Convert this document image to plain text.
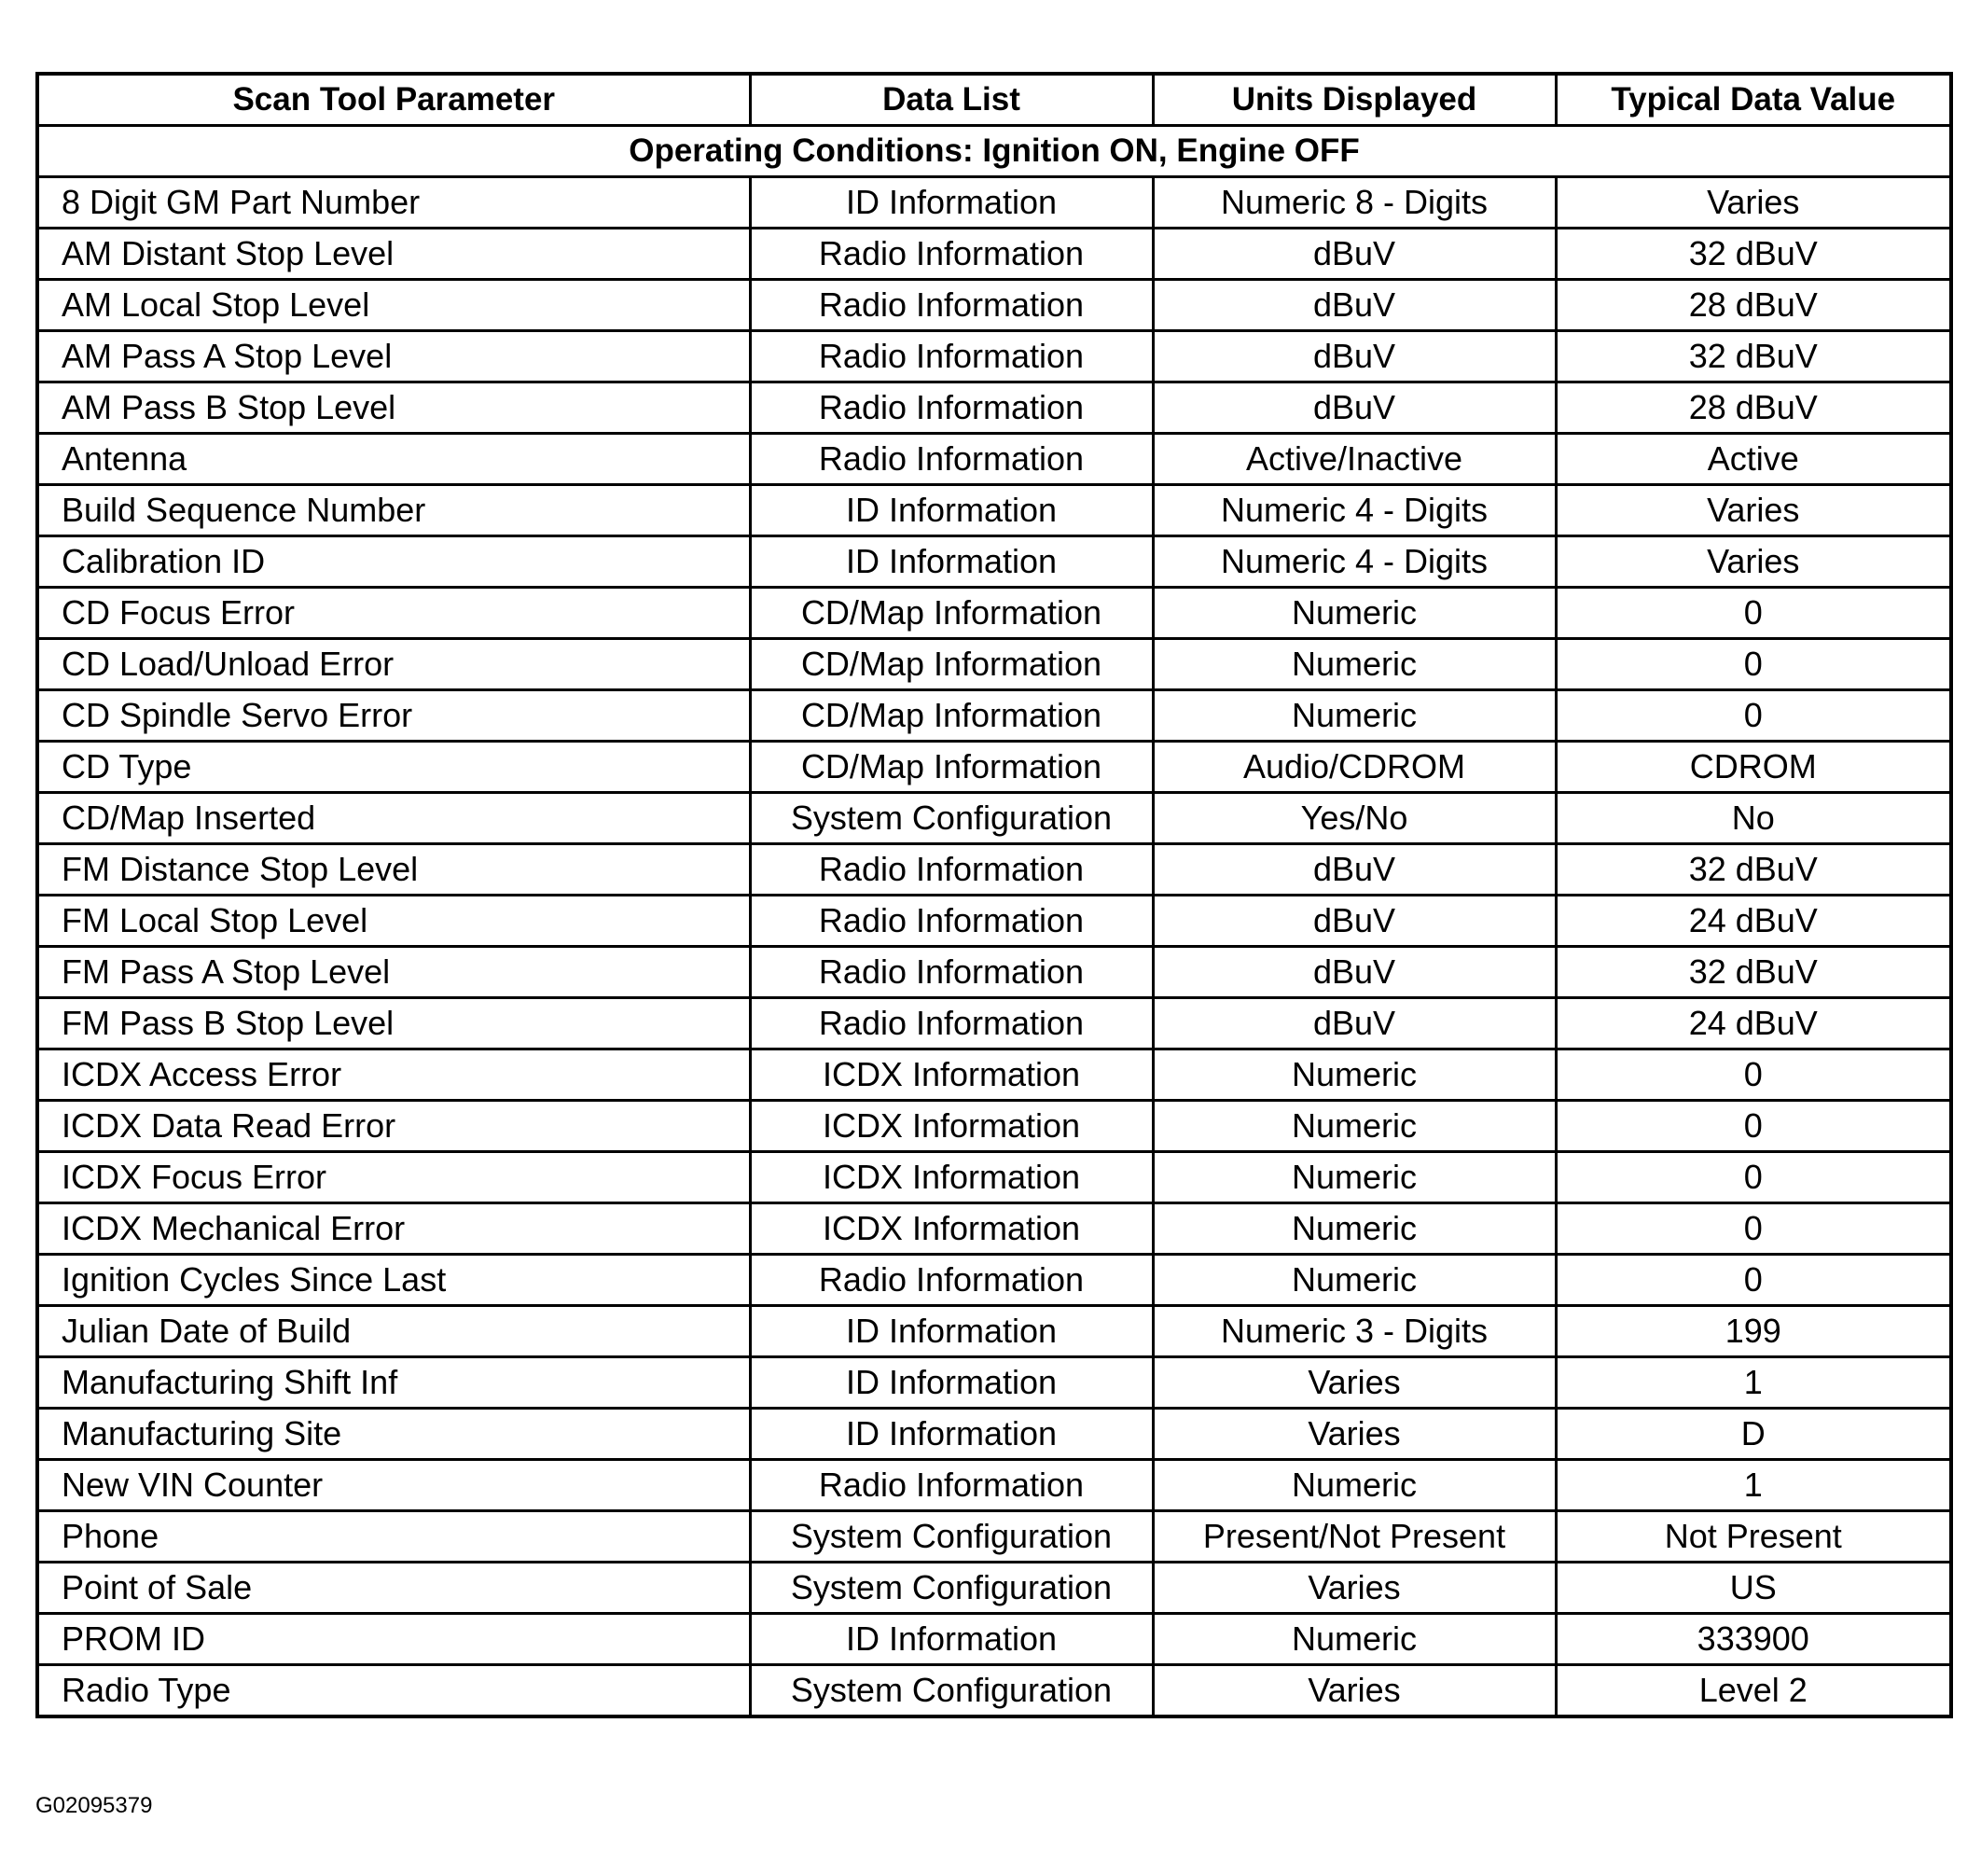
Scan Tool Parameter	Data List	Units Displayed	Typical Data Value
Operating Conditions: Ignition ON, Engine OFF			
8 Digit GM Part Number	ID Information	Numeric 8 - Digits	Varies
AM Distant Stop Level	Radio Information	dBuV	32 dBuV
AM Local Stop Level	Radio Information	dBuV	28 dBuV
AM Pass A Stop Level	Radio Information	dBuV	32 dBuV
AM Pass B Stop Level	Radio Information	dBuV	28 dBuV
Antenna	Radio Information	Active/Inactive	Active
Build Sequence Number	ID Information	Numeric 4 - Digits	Varies
Calibration ID	ID Information	Numeric 4 - Digits	Varies
CD Focus Error	CD/Map Information	Numeric	0
CD Load/Unload Error	CD/Map Information	Numeric	0
CD Spindle Servo Error	CD/Map Information	Numeric	0
CD Type	CD/Map Information	Audio/CDROM	CDROM
CD/Map Inserted	System Configuration	Yes/No	No
FM Distance Stop Level	Radio Information	dBuV	32 dBuV
FM Local Stop Level	Radio Information	dBuV	24 dBuV
FM Pass A Stop Level	Radio Information	dBuV	32 dBuV
FM Pass B Stop Level	Radio Information	dBuV	24 dBuV
ICDX Access Error	ICDX Information	Numeric	0
ICDX Data Read Error	ICDX Information	Numeric	0
ICDX Focus Error	ICDX Information	Numeric	0
ICDX Mechanical Error	ICDX Information	Numeric	0
Ignition Cycles Since Last	Radio Information	Numeric	0
Julian Date of Build	ID Information	Numeric 3 - Digits	199
Manufacturing Shift Inf	ID Information	Varies	1
Manufacturing Site	ID Information	Varies	D
New VIN Counter	Radio Information	Numeric	1
Phone	System Configuration	Present/Not Present	Not Present
Point of Sale	System Configuration	Varies	US
PROM ID	ID Information	Numeric	333900
Radio Type	System Configuration	Varies	Level 2
G02095379
